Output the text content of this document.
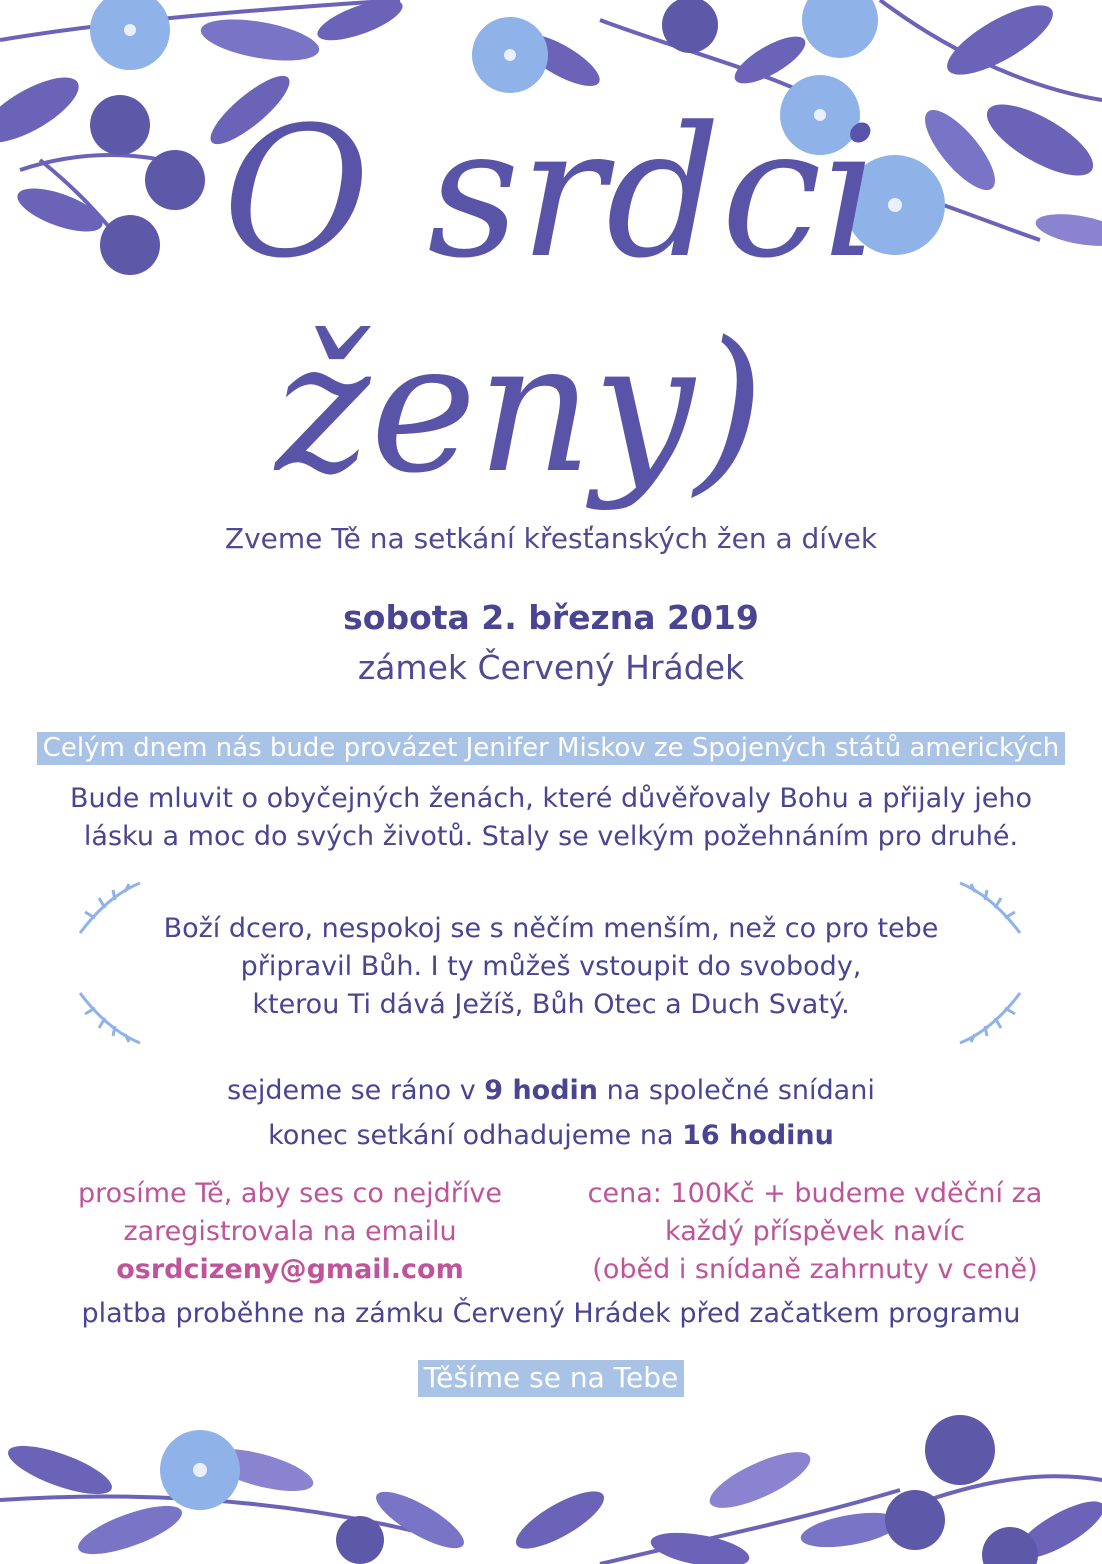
O srdci
ženy)
Zveme Tě na setkání křesťanských žen a dívek
sobota 2. března 2019
zámek Červený Hrádek
Celým dnem nás bude provázet Jenifer Miskov ze Spojených států amerických
Bude mluvit o obyčejných ženách, které důvěřovaly Bohu a přijaly jeho
lásku a moc do svých životů. Staly se velkým požehnáním pro druhé.
Boží dcero, nespokoj se s něčím menším, než co pro tebe
připravil Bůh. I ty můžeš vstoupit do svobody,
kterou Ti dává Ježíš, Bůh Otec a Duch Svatý.
sejdeme se ráno v 9 hodin na společné snídani
konec setkání odhadujeme na 16 hodinu
prosíme Tě, aby ses co nejdříve
zaregistrovala na emailu
osrdcizeny@gmail.com
cena: 100Kč + budeme vděční za
každý příspěvek navíc
(oběd i snídaně zahrnuty v ceně)
platba proběhne na zámku Červený Hrádek před začatkem programu
Těšíme se na Tebe
